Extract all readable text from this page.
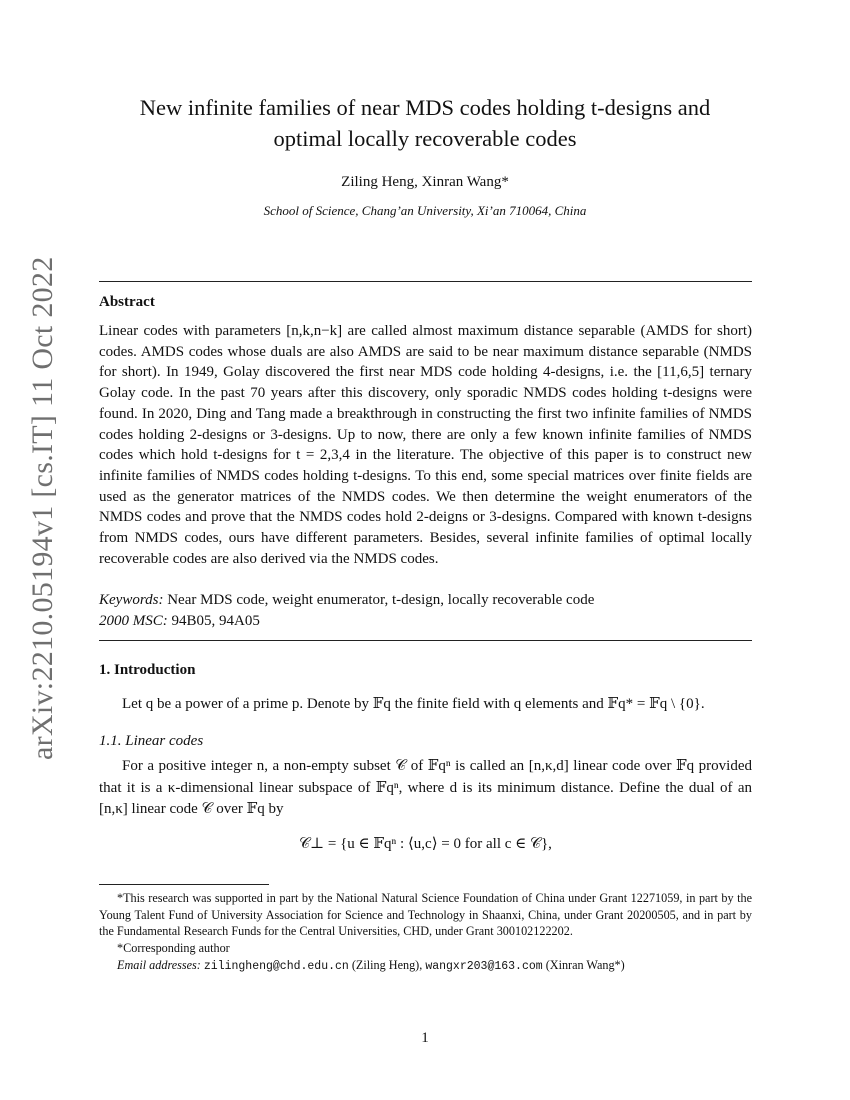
arXiv:2210.05194v1 [cs.IT] 11 Oct 2022
New infinite families of near MDS codes holding t-designs and
optimal locally recoverable codes
Ziling Heng, Xinran Wang*
School of Science, Chang’an University, Xi’an 710064, China
Abstract
Linear codes with parameters [n,k,n−k] are called almost maximum distance separable (AMDS for short) codes. AMDS codes whose duals are also AMDS are said to be near maximum distance separable (NMDS for short). In 1949, Golay discovered the first near MDS code holding 4-designs, i.e. the [11,6,5] ternary Golay code. In the past 70 years after this discovery, only sporadic NMDS codes holding t-designs were found. In 2020, Ding and Tang made a breakthrough in constructing the first two infinite families of NMDS codes holding 2-designs or 3-designs. Up to now, there are only a few known infinite families of NMDS codes which hold t-designs for t = 2,3,4 in the literature. The objective of this paper is to construct new infinite families of NMDS codes holding t-designs. To this end, some special matrices over finite fields are used as the generator matrices of the NMDS codes. We then determine the weight enumerators of the NMDS codes and prove that the NMDS codes hold 2-deigns or 3-designs. Compared with known t-designs from NMDS codes, ours have different parameters. Besides, several infinite families of optimal locally recoverable codes are also derived via the NMDS codes.
Keywords: Near MDS code, weight enumerator, t-design, locally recoverable code
2000 MSC: 94B05, 94A05
1. Introduction
Let q be a power of a prime p. Denote by 𝔽q the finite field with q elements and 𝔽q* = 𝔽q \ {0}.
1.1. Linear codes
For a positive integer n, a non-empty subset 𝒞 of 𝔽qⁿ is called an [n,κ,d] linear code over 𝔽q provided that it is a κ-dimensional linear subspace of 𝔽qⁿ, where d is its minimum distance. Define the dual of an [n,κ] linear code 𝒞 over 𝔽q by
𝒞⊥ = {u ∈ 𝔽qⁿ : ⟨u,c⟩ = 0 for all c ∈ 𝒞},

*This research was supported in part by the National Natural Science Foundation of China under Grant 12271059, in part by the Young Talent Fund of University Association for Science and Technology in Shaanxi, China, under Grant 20200505, and in part by the Fundamental Research Funds for the Central Universities, CHD, under Grant 300102122202.

*Corresponding author

Email addresses: zilingheng@chd.edu.cn (Ziling Heng), wangxr203@163.com (Xinran Wang*)

1
